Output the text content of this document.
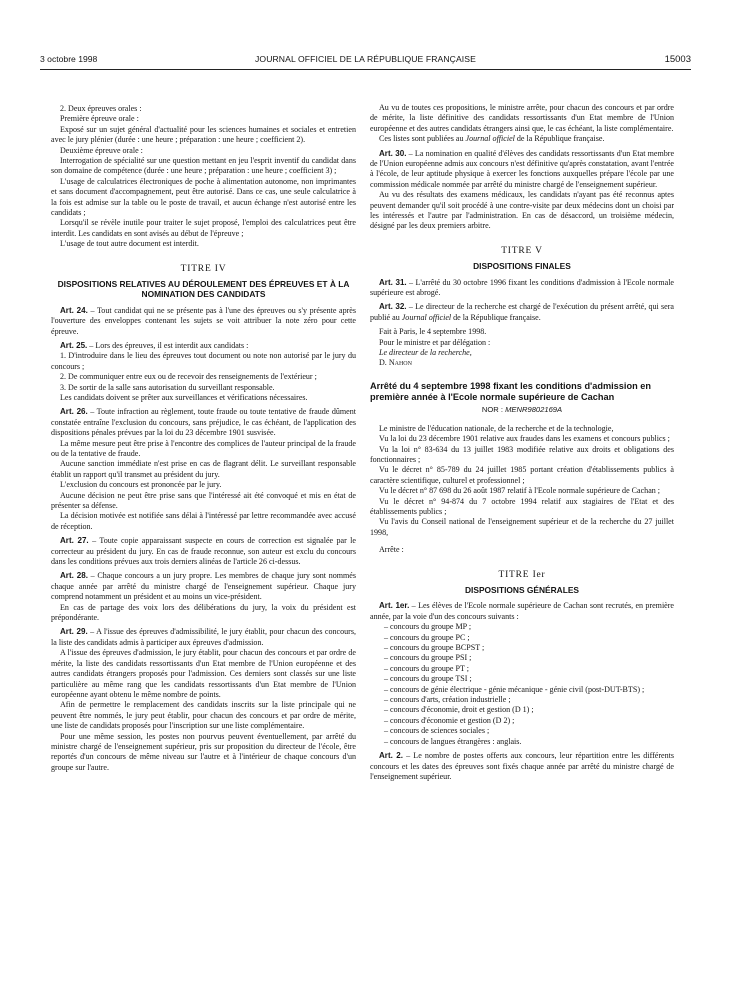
3 octobre 1998	JOURNAL OFFICIEL DE LA RÉPUBLIQUE FRANÇAISE	15003

2. Deux épreuves orales :

Première épreuve orale :

Exposé sur un sujet général d'actualité pour les sciences humaines et sociales et entretien avec le jury plénier (durée : une heure ; préparation : une heure ; coefficient 2).

Deuxième épreuve orale :

Interrogation de spécialité sur une question mettant en jeu l'esprit inventif du candidat dans son domaine de compétence (durée : une heure ; préparation : une heure ; coefficient 3) ;

L'usage de calculatrices électroniques de poche à alimentation autonome, non imprimantes et sans document d'accompagnement, peut être autorisé. Dans ce cas, une seule calculatrice à la fois est admise sur la table ou le poste de travail, et aucun échange n'est autorisé entre les candidats ;

Lorsqu'il se révèle inutile pour traiter le sujet proposé, l'emploi des calculatrices peut être interdit. Les candidats en sont avisés au début de l'épreuve ;

L'usage de tout autre document est interdit.

TITRE IV
DISPOSITIONS RELATIVES AU DÉROULEMENT DES ÉPREUVES ET À LA NOMINATION DES CANDIDATS

Art. 24. – Tout candidat qui ne se présente pas à l'une des épreuves ou s'y présente après l'ouverture des enveloppes contenant les sujets se voit attribuer la note zéro pour cette épreuve.

Art. 25. – Lors des épreuves, il est interdit aux candidats :

1. D'introduire dans le lieu des épreuves tout document ou note non autorisé par le jury du concours ;

2. De communiquer entre eux ou de recevoir des renseignements de l'extérieur ;

3. De sortir de la salle sans autorisation du surveillant responsable.

Les candidats doivent se prêter aux surveillances et vérifications nécessaires.

Art. 26. – Toute infraction au règlement, toute fraude ou toute tentative de fraude dûment constatée entraîne l'exclusion du concours, sans préjudice, le cas échéant, de l'application des dispositions pénales prévues par la loi du 23 décembre 1901 susvisée.

La même mesure peut être prise à l'encontre des complices de l'auteur principal de la fraude ou de la tentative de fraude.

Aucune sanction immédiate n'est prise en cas de flagrant délit. Le surveillant responsable établit un rapport qu'il transmet au président du jury.

L'exclusion du concours est prononcée par le jury.

Aucune décision ne peut être prise sans que l'intéressé ait été convoqué et mis en état de présenter sa défense.

La décision motivée est notifiée sans délai à l'intéressé par lettre recommandée avec accusé de réception.

Art. 27. – Toute copie apparaissant suspecte en cours de correction est signalée par le correcteur au président du jury. En cas de fraude reconnue, son auteur est exclu du concours dans les conditions prévues aux trois derniers alinéas de l'article 26 ci-dessus.

Art. 28. – Chaque concours a un jury propre. Les membres de chaque jury sont nommés chaque année par arrêté du ministre chargé de l'enseignement supérieur. Chaque jury comprend notamment un président et au moins un vice-président.

En cas de partage des voix lors des délibérations du jury, la voix du président est prépondérante.

Art. 29. – A l'issue des épreuves d'admissibilité, le jury établit, pour chacun des concours, la liste des candidats admis à participer aux épreuves d'admission.

A l'issue des épreuves d'admission, le jury établit, pour chacun des concours et par ordre de mérite, la liste des candidats ressortissants d'un Etat membre de l'Union européenne et des autres candidats étrangers proposés pour l'admission. Ces derniers sont classés sur une liste particulière au même rang que les candidats ressortissants d'un Etat membre de l'Union européenne ayant obtenu le même nombre de points.

Afin de permettre le remplacement des candidats inscrits sur la liste principale qui ne peuvent être nommés, le jury peut établir, pour chacun des concours et par ordre de mérite, une liste de candidats proposés pour l'inscription sur une liste complémentaire.

Pour une même session, les postes non pourvus peuvent éventuellement, par arrêté du ministre chargé de l'enseignement supérieur, pris sur proposition du directeur de l'école, être reportés d'un concours de même niveau sur l'autre et à l'intérieur de chaque concours d'un groupe sur l'autre.

Au vu de toutes ces propositions, le ministre arrête, pour chacun des concours et par ordre de mérite, la liste définitive des candidats ressortissants d'un Etat membre de l'Union européenne et des autres candidats étrangers ainsi que, le cas échéant, la liste complémentaire.

Ces listes sont publiées au Journal officiel de la République française.

Art. 30. – La nomination en qualité d'élèves des candidats ressortissants d'un Etat membre de l'Union européenne admis aux concours n'est définitive qu'après constatation, avant l'entrée à l'école, de leur aptitude physique à exercer les fonctions auxquelles prépare l'école par une commission médicale nommée par arrêté du ministre chargé de l'enseignement supérieur.

Au vu des résultats des examens médicaux, les candidats n'ayant pas été reconnus aptes peuvent demander qu'il soit procédé à une contre-visite par deux médecins dont un choisi par les intéressés et l'autre par l'administration. En cas de désaccord, un troisième médecin, désigné par les deux premiers arbitre.

TITRE V
DISPOSITIONS FINALES

Art. 31. – L'arrêté du 30 octobre 1996 fixant les conditions d'admission à l'Ecole normale supérieure est abrogé.

Art. 32. – Le directeur de la recherche est chargé de l'exécution du présent arrêté, qui sera publié au Journal officiel de la République française.

Fait à Paris, le 4 septembre 1998.

Pour le ministre et par délégation :

Le directeur de la recherche,

D. Nahon

Arrêté du 4 septembre 1998 fixant les conditions d'admission en première année à l'Ecole normale supérieure de Cachan
NOR : MENR9802169A

Le ministre de l'éducation nationale, de la recherche et de la technologie,

Vu la loi du 23 décembre 1901 relative aux fraudes dans les examens et concours publics ;

Vu la loi n° 83-634 du 13 juillet 1983 modifiée relative aux droits et obligations des fonctionnaires ;

Vu le décret n° 85-789 du 24 juillet 1985 portant création d'établissements publics à caractère scientifique, culturel et professionnel ;

Vu le décret n° 87 698 du 26 août 1987 relatif à l'Ecole normale supérieure de Cachan ;

Vu le décret n° 94-874 du 7 octobre 1994 relatif aux stagiaires de l'Etat et des établissements publics ;

Vu l'avis du Conseil national de l'enseignement supérieur et de la recherche du 27 juillet 1998,

Arrête :

TITRE Ier
DISPOSITIONS GÉNÉRALES

Art. 1er. – Les élèves de l'Ecole normale supérieure de Cachan sont recrutés, en première année, par la voie d'un des concours suivants :

– concours du groupe MP ;
– concours du groupe PC ;
– concours du groupe BCPST ;
– concours du groupe PSI ;
– concours du groupe PT ;
– concours du groupe TSI ;
– concours de génie électrique - génie mécanique - génie civil (post-DUT-BTS) ;
– concours d'arts, création industrielle ;
– concours d'économie, droit et gestion (D 1) ;
– concours d'économie et gestion (D 2) ;
– concours de sciences sociales ;
– concours de langues étrangères : anglais.

Art. 2. – Le nombre de postes offerts aux concours, leur répartition entre les différents concours et les dates des épreuves sont fixés chaque année par arrêté du ministre chargé de l'enseignement supérieur.
